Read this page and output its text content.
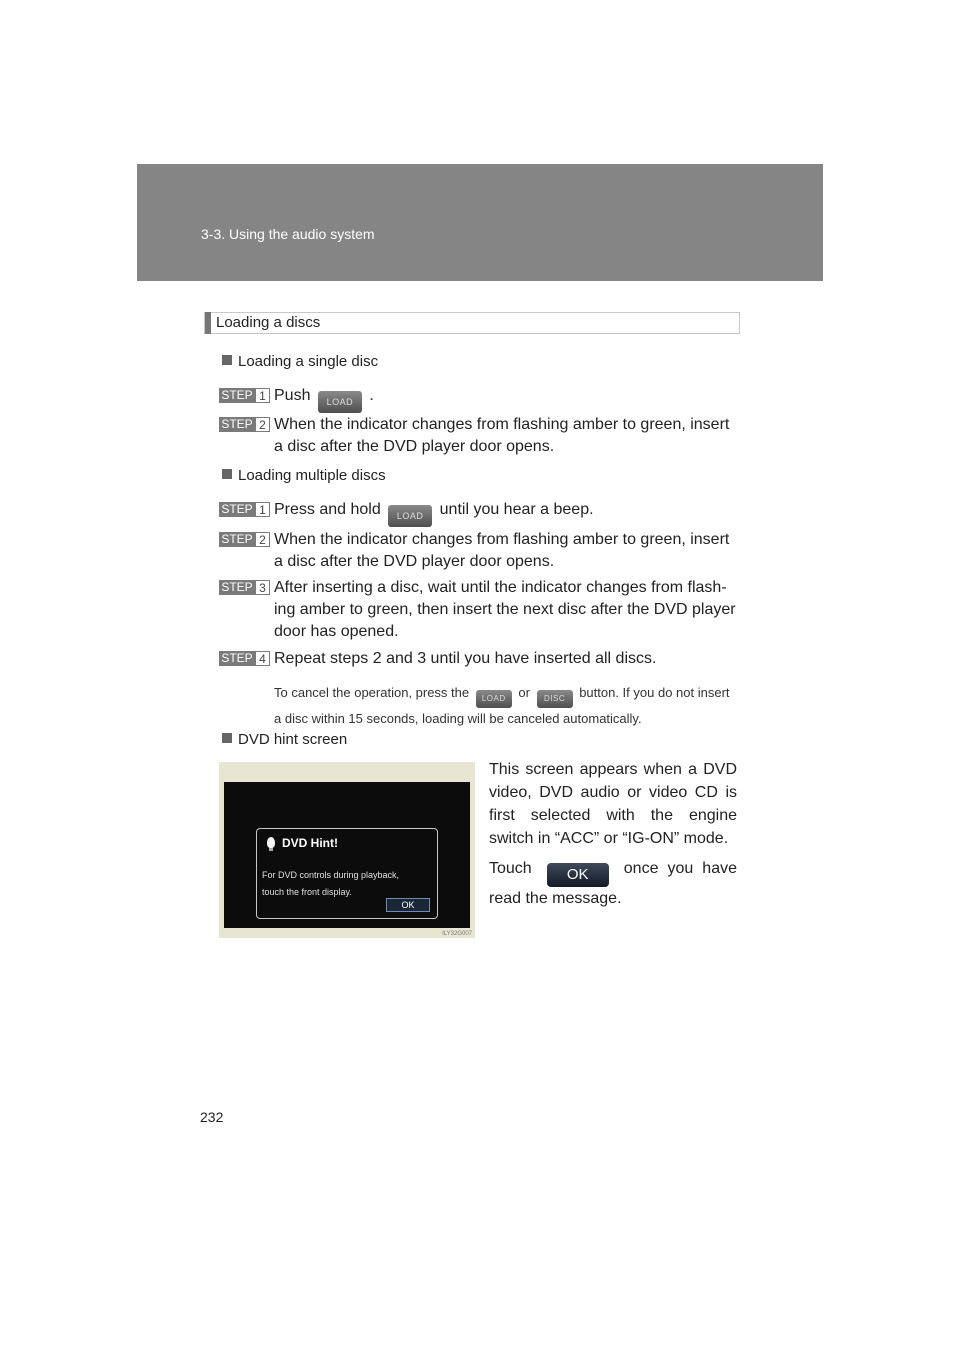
3-3. Using the audio system
Loading a discs
Loading a single disc
STEP 1 Push LOAD .
STEP 2 When the indicator changes from flashing amber to green, insert a disc after the DVD player door opens.
Loading multiple discs
STEP 1 Press and hold LOAD until you hear a beep.
STEP 2 When the indicator changes from flashing amber to green, insert a disc after the DVD player door opens.
STEP 3 After inserting a disc, wait until the indicator changes from flash-ing amber to green, then insert the next disc after the DVD player door has opened.
STEP 4 Repeat steps 2 and 3 until you have inserted all discs.
To cancel the operation, press the LOAD or DISC button. If you do not insert a disc within 15 seconds, loading will be canceled automatically.
DVD hint screen
DVD Hint!
For DVD controls during playback,
touch the front display.
OK
ILY32G007

This screen appears when a DVD video, DVD audio or video CD is first selected with the engine switch in “ACC” or “IG-ON” mode.

Touch OK once you have read the message.

232
